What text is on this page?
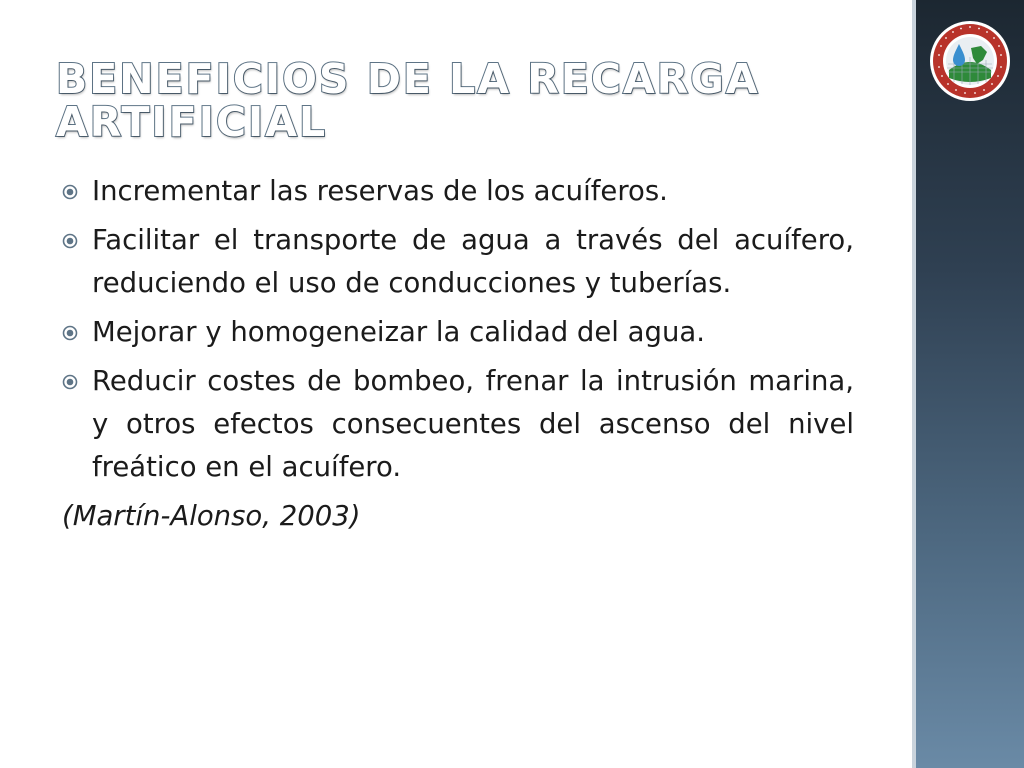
BENEFICIOS DE LA RECARGA ARTIFICIAL
Incrementar las reservas de los acuíferos.
Facilitar el transporte de agua a través del acuífero, reduciendo el uso de conducciones y tuberías.
Mejorar y homogeneizar la calidad del agua.
Reducir costes de bombeo, frenar la intrusión marina, y otros efectos consecuentes del ascenso del nivel freático en el acuífero.
(Martín-Alonso, 2003)
